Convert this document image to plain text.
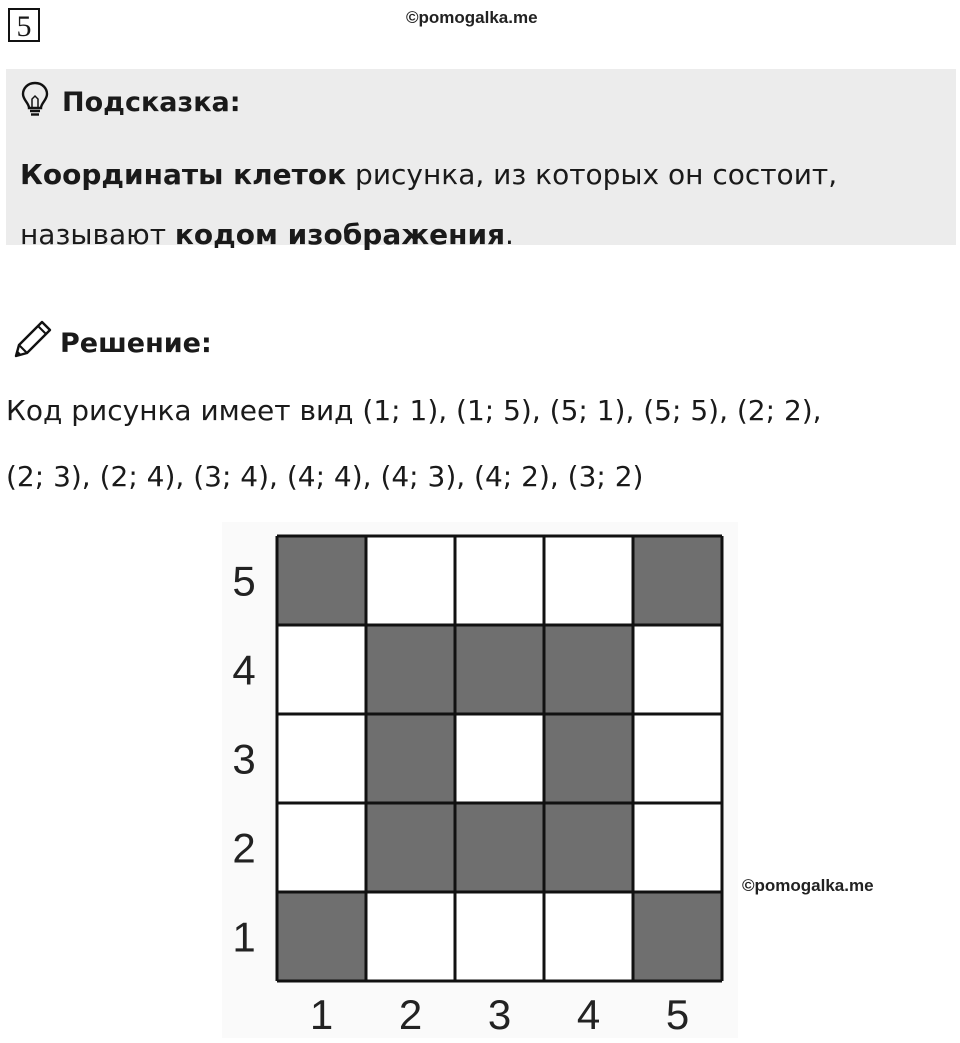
5	©pomogalka.me
Подсказка:
Координаты клеток рисунка, из которых он состоит,
называют кодом изображения.
Решение:
Код рисунка имеет вид (1; 1), (1; 5), (5; 1), (5; 5), (2; 2),
(2; 3), (2; 4), (3; 4), (4; 4), (4; 3), (4; 2), (3; 2)
1 2 3 4 5
5
4
3
2
1
©pomogalka.me
